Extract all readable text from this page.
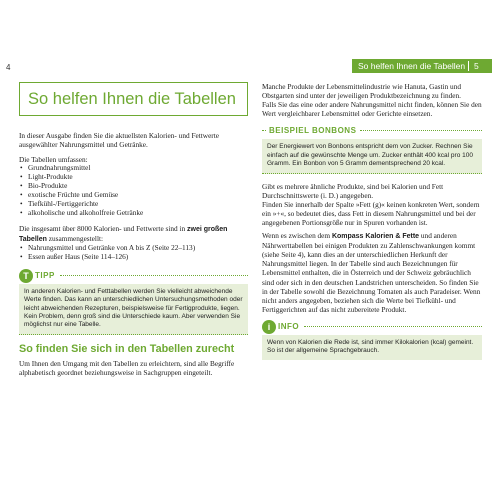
4	So helfen Ihnen die Tabellen 5
So helfen Ihnen die Tabellen

In dieser Ausgabe finden Sie die aktuellsten Kalorien- und Fettwerte ausgewählter Nahrungsmittel und Getränke.

Die Tabellen umfassen:

• Grundnahrungsmittel
• Light-Produkte
• Bio-Produkte
• exotische Früchte und Gemüse
• Tiefkühl-/Fertiggerichte
• alkoholische und alkoholfreie Getränke

Die insgesamt über 8000 Kalorien- und Fettwerte sind in zwei großen Tabellen zusammengestellt:

• Nahrungsmittel und Getränke von A bis Z (Seite 22–113)
• Essen außer Haus (Seite 114–126)
T TIPP
In anderen Kalorien- und Fetttabellen werden Sie vielleicht abweichende Werte finden. Das kann an unterschiedlichen Untersuchungsmethoden oder leicht abweichenden Rezepturen, beispielsweise für Fertigprodukte, liegen. Kein Problem, denn groß sind die Unterschiede kaum. Aber verwenden Sie möglichst nur eine Tabelle.
So finden Sie sich in den Tabellen zurecht

Um Ihnen den Umgang mit den Tabellen zu erleichtern, sind alle Begriffe alphabetisch geordnet beziehungsweise in Sachgruppen eingeteilt.

Manche Produkte der Lebensmittelindustrie wie Hanuta, Gastin und Obstgarten sind unter der jeweiligen Produktbezeichnung zu finden.

Falls Sie das eine oder andere Nahrungsmittel nicht finden, können Sie den Wert vergleichbarer Lebensmittel oder Gerichte einsetzen.

BEISPIEL BONBONS
Der Energiewert von Bonbons entspricht dem von Zucker. Rechnen Sie einfach auf die gewünschte Menge um. Zucker enthält 400 kcal pro 100 Gramm. Ein Bonbon von 5 Gramm dementsprechend 20 kcal.

Gibt es mehrere ähnliche Produkte, sind bei Kalorien und Fett Durchschnittswerte (i. D.) angegeben.

Finden Sie innerhalb der Spalte »Fett (g)« keinen konkreten Wert, sondern ein »+«, so bedeutet dies, dass Fett in diesem Nahrungsmittel und bei der angegebenen Portionsgröße nur in Spuren vorhanden ist.

Wenn es zwischen dem Kompass Kalorien & Fette und anderen Nährwerttabellen bei einigen Produkten zu Zahlenschwankungen kommt (siehe Seite 4), kann dies an der unterschiedlichen Herkunft der Nahrungsmittel liegen. In der Tabelle sind auch Bezeichnungen für Lebensmittel enthalten, die in Österreich und der Schweiz gebräuchlich sind oder sich in den deutschen Landstrichen unterscheiden. So finden Sie in der Tabelle sowohl die Bezeichnung Tomaten als auch Paradeiser. Wenn nicht anders angegeben, beziehen sich die Werte bei Tiefkühl- und Fertiggerichten auf das nicht zubereitete Produkt.

i INFO
Wenn von Kalorien die Rede ist, sind immer Kilokalorien (kcal) gemeint. So ist der allgemeine Sprachgebrauch.
